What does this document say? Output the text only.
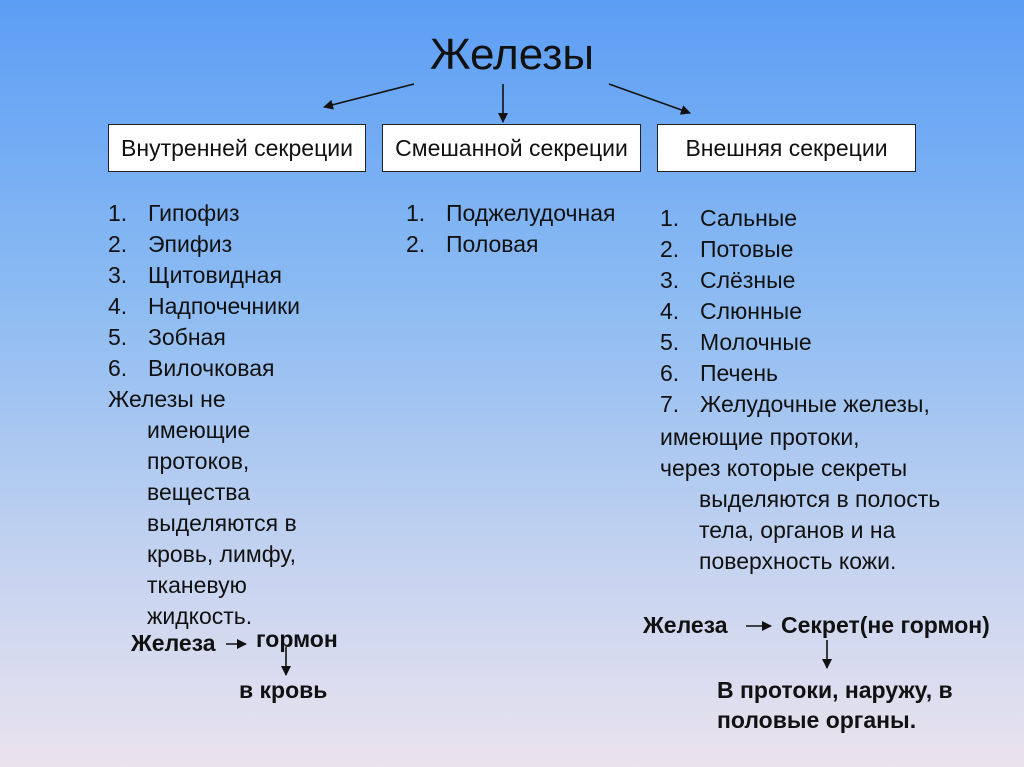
Железы
Внутренней секреции	Смешанной секреции	Внешняя секреции
1. Гипофиз
2. Эпифиз
3. Щитовидная
4. Надпочечники
5. Зобная
6. Вилочковая
Железы не
имеющие протоков, вещества выделяются в кровь, лимфу, тканевую жидкость.
1. Поджелудочная
2. Половая
1. Сальные
2. Потовые
3. Слёзные
4. Слюнные
5. Молочные
6. Печень
7. Желудочные железы,
имеющие протоки,
через которые секреты
выделяются в полость тела, органов и на поверхность кожи.
Железа гормон
в кровь
Железа Секрет(не гормон)
В протоки, наружу, в
половые органы.
